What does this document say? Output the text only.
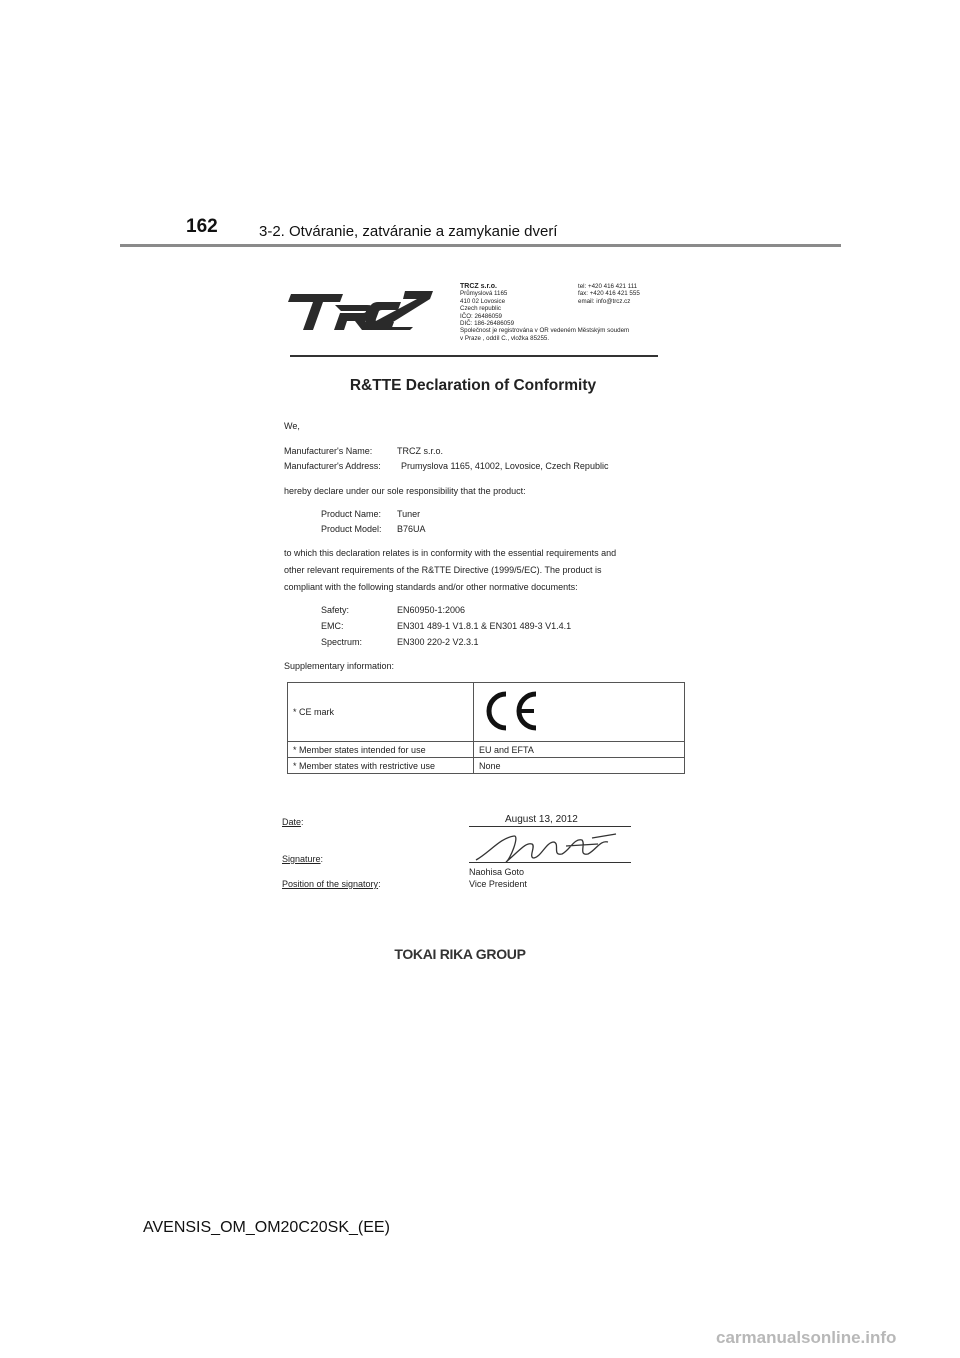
162	3-2. Otváranie, zatváranie a zamykanie dverí
TRCZ s.r.o.
Průmyslová 1165
410 02 Lovosice
Czech republic
IČO: 26486059
DIČ: 186-26486059
Společnost je registrována v OR vedeném Městským soudem
v Praze , oddíl C., vložka 85255.
tel: +420 416 421 111
fax: +420 416 421 555
email: info@trcz.cz
R&TTE Declaration of Conformity
We,
Manufacturer's Name:	TRCZ s.r.o.
Manufacturer's Address: Prumyslova 1165, 41002, Lovosice, Czech Republic
hereby declare under our sole responsibility that the product:
Product Name: Tuner
Product Model: B76UA
to which this declaration relates is in conformity with the essential requirements and
other relevant requirements of the R&TTE Directive (1999/5/EC). The product is
compliant with the following standards and/or other normative documents:
Safety:	EN60950-1:2006
EMC:	EN301 489-1 V1.8.1 & EN301 489-3 V1.4.1
Spectrum:	EN300 220-2 V2.3.1
Supplementary information:
* CE mark	
* Member states intended for use	EU and EFTA
* Member states with restrictive use	None
Date:	August 13, 2012
Signature:
Naohisa Goto
Position of the signatory:	Vice President
TOKAI RIKA GROUP
AVENSIS_OM_OM20C20SK_(EE)
carmanualsonline.info
